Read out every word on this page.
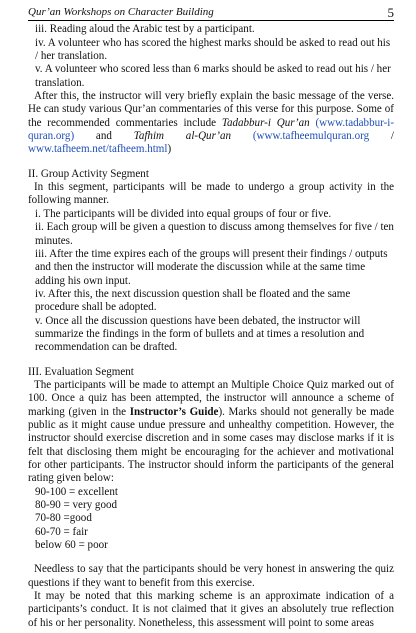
Qur’an Workshops on Character Building	5
iii. Reading aloud the Arabic test by a participant.
iv. A volunteer who has scored the highest marks should be asked to read out his / her translation.
v. A volunteer who scored less than 6 marks should be asked to read out his / her translation.

After this, the instructor will very briefly explain the basic message of the verse. He can study various Qur’an commentaries of this verse for this purpose. Some of the recommended commentaries include Tadabbur-i Qur’an (www.tadabbur-i-quran.org) and Tafhim al-Qur’an (www.tafheemulquran.org / www.tafheem.net/tafheem.html)

II. Group Activity Segment

In this segment, participants will be made to undergo a group activity in the following manner.

i. The participants will be divided into equal groups of four or five.
ii. Each group will be given a question to discuss among themselves for five / ten minutes.
iii. After the time expires each of the groups will present their findings / outputs and then the instructor will moderate the discussion while at the same time adding his own input.
iv. After this, the next discussion question shall be floated and the same procedure shall be adopted.
v. Once all the discussion questions have been debated, the instructor will summarize the findings in the form of bullets and at times a resolution and recommendation can be drafted.

III. Evaluation Segment

The participants will be made to attempt an Multiple Choice Quiz marked out of 100. Once a quiz has been attempted, the instructor will announce a scheme of marking (given in the Instructor’s Guide). Marks should not generally be made public as it might cause undue pressure and unhealthy competition. However, the instructor should exercise discretion and in some cases may disclose marks if it is felt that disclosing them might be encouraging for the achiever and motivational for other participants. The instructor should inform the participants of the general rating given below:

90-100 = excellent
80-90 = very good
70-80 =good
60-70 = fair
below 60 = poor

Needless to say that the participants should be very honest in answering the quiz questions if they want to benefit from this exercise.

It may be noted that this marking scheme is an approximate indication of a participants’s conduct. It is not claimed that it gives an absolutely true reflection of his or her personality. Nonetheless, this assessment will point to some areas
